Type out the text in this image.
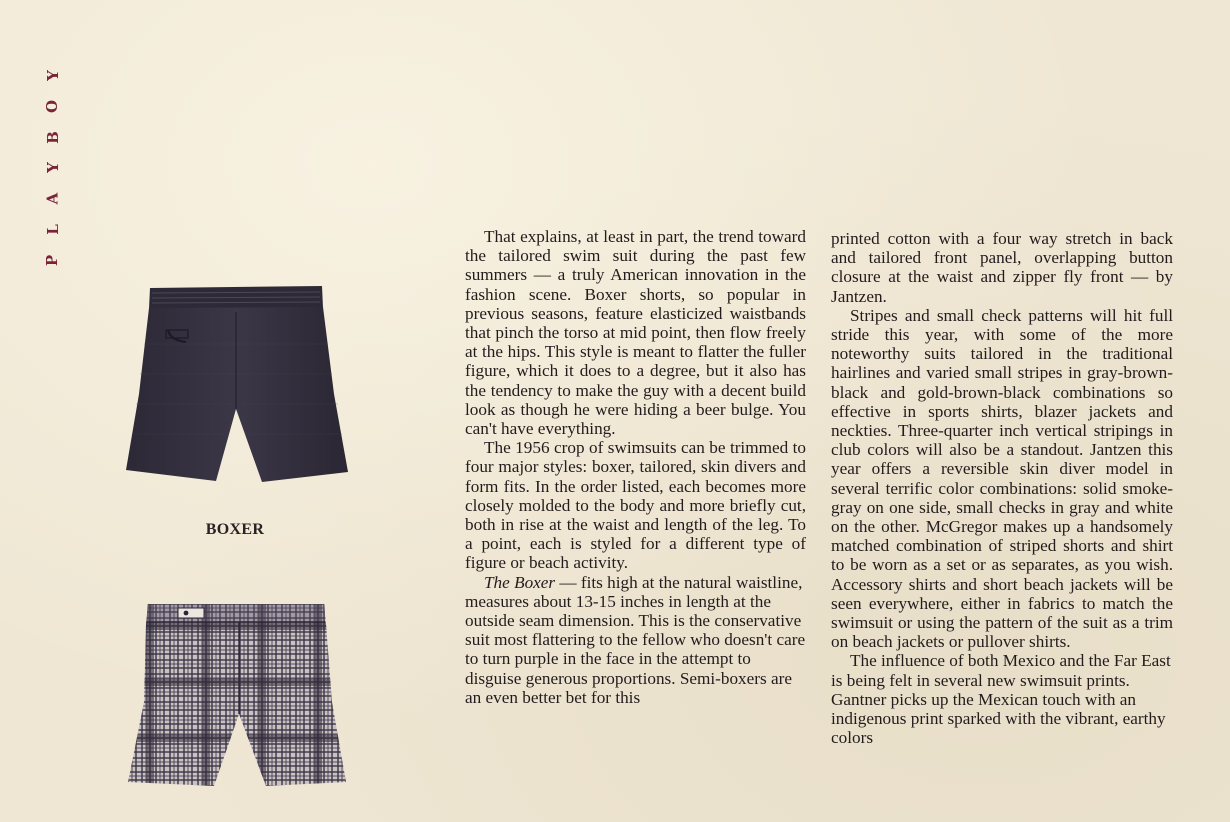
P
L
A
Y
B
O
Y
BOXER

That explains, at least in part, the trend toward the tailored swim suit during the past few summers — a truly American innovation in the fashion scene. Boxer shorts, so popular in previous seasons, feature elasticized waistbands that pinch the torso at mid point, then flow freely at the hips. This style is meant to flatter the fuller figure, which it does to a degree, but it also has the tendency to make the guy with a decent build look as though he were hiding a beer bulge. You can't have everything.

The 1956 crop of swimsuits can be trimmed to four major styles: boxer, tailored, skin divers and form fits. In the order listed, each becomes more closely molded to the body and more briefly cut, both in rise at the waist and length of the leg. To a point, each is styled for a different type of figure or beach activity.

The Boxer — fits high at the natural waistline, measures about 13-15 inches in length at the outside seam dimension. This is the conservative suit most flattering to the fellow who doesn't care to turn purple in the face in the attempt to disguise generous proportions. Semi-boxers are an even better bet for this

printed cotton with a four way stretch in back and tailored front panel, overlapping button closure at the waist and zipper fly front — by Jantzen.

Stripes and small check patterns will hit full stride this year, with some of the more noteworthy suits tailored in the traditional hairlines and varied small stripes in gray-brown-black and gold-brown-black combinations so effective in sports shirts, blazer jackets and neckties. Three-quarter inch vertical stripings in club colors will also be a standout. Jantzen this year offers a reversible skin diver model in several terrific color combinations: solid smoke-gray on one side, small checks in gray and white on the other. McGregor makes up a handsomely matched combination of striped shorts and shirt to be worn as a set or as separates, as you wish. Accessory shirts and short beach jackets will be seen everywhere, either in fabrics to match the swimsuit or using the pattern of the suit as a trim on beach jackets or pullover shirts.

The influence of both Mexico and the Far East is being felt in several new swimsuit prints. Gantner picks up the Mexican touch with an indigenous print sparked with the vibrant, earthy colors
